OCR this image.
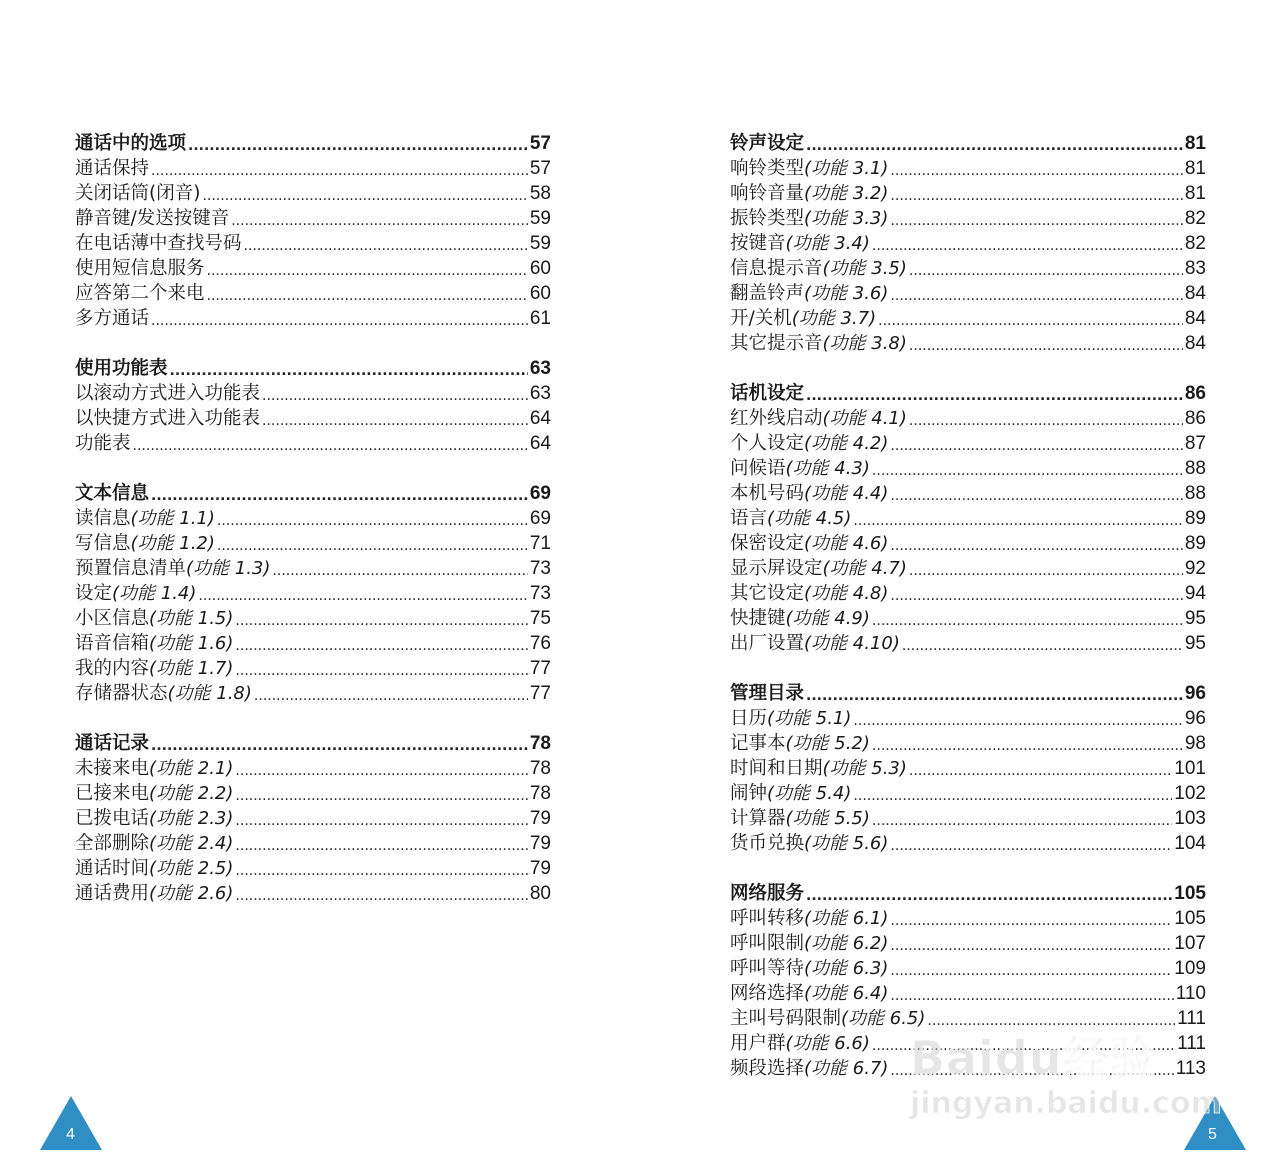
通话中的选项 .....	57
通话保持 .....	57
关闭话筒(闭音) .....	58
静音键/发送按键音 .....	59
在电话薄中查找号码 .....	59
使用短信息服务 .....	60
应答第二个来电 .....	60
多方通话 .....	61
使用功能表 .....	63
以滚动方式进入功能表 .....	63
以快捷方式进入功能表 .....	64
功能表 .....	64
文本信息 .....	69
读信息 (功能 1.1) .....	69
写信息 (功能 1.2) .....	71
预置信息清单 (功能 1.3) .....	73
设定 (功能 1.4) .....	73
小区信息 (功能 1.5) .....	75
语音信箱 (功能 1.6) .....	76
我的内容 (功能 1.7) .....	77
存储器状态 (功能 1.8) .....	77
通话记录 .....	78
未接来电 (功能 2.1) .....	78
已接来电 (功能 2.2) .....	78
已拨电话 (功能 2.3) .....	79
全部删除 (功能 2.4) .....	79
通话时间 (功能 2.5) .....	79
通话费用 (功能 2.6) .....	80
铃声设定 .....	81
响铃类型 (功能 3.1) .....	81
响铃音量 (功能 3.2) .....	81
振铃类型 (功能 3.3) .....	82
按键音 (功能 3.4) .....	82
信息提示音 (功能 3.5) .....	83
翻盖铃声 (功能 3.6) .....	84
开/关机 (功能 3.7) .....	84
其它提示音 (功能 3.8) .....	84
话机设定 .....	86
红外线启动 (功能 4.1) .....	86
个人设定 (功能 4.2) .....	87
问候语 (功能 4.3) .....	88
本机号码 (功能 4.4) .....	88
语言 (功能 4.5) .....	89
保密设定 (功能 4.6) .....	89
显示屏设定 (功能 4.7) .....	92
其它设定 (功能 4.8) .....	94
快捷键 (功能 4.9) .....	95
出厂设置 (功能 4.10) .....	95
管理目录 .....	96
日历 (功能 5.1) .....	96
记事本 (功能 5.2) .....	98
时间和日期 (功能 5.3) .....	101
闹钟 (功能 5.4) .....	102
计算器 (功能 5.5) .....	103
货币兑换 (功能 5.6) .....	104
网络服务 .....	105
呼叫转移 (功能 6.1) .....	105
呼叫限制 (功能 6.2) .....	107
呼叫等待 (功能 6.3) .....	109
网络选择 (功能 6.4) .....	110
主叫号码限制 (功能 6.5) .....	111
用户群 (功能 6.6) .....	111
频段选择 (功能 6.7) .....	113
4	5
Baidu经验
jingyan.baidu.com
